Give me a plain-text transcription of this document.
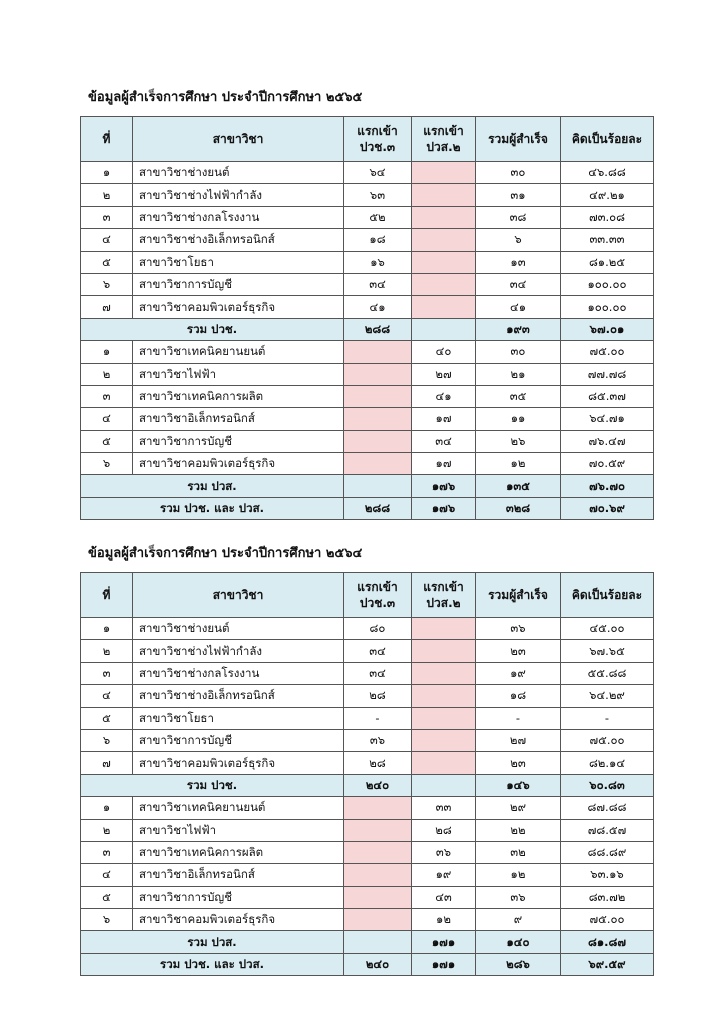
ข้อมูลผู้สำเร็จการศึกษา ประจำปีการศึกษา ๒๕๖๕
ที่	สาขาวิชา	แรกเข้า ปวช.๓	แรกเข้า ปวส.๒	รวมผู้สำเร็จ	คิดเป็นร้อยละ
๑	สาขาวิชาช่างยนต์	๖๔		๓๐	๔๖.๘๘
๒	สาขาวิชาช่างไฟฟ้ากำลัง	๖๓		๓๑	๔๙.๒๑
๓	สาขาวิชาช่างกลโรงงาน	๕๒		๓๘	๗๓.๐๘
๔	สาขาวิชาช่างอิเล็กทรอนิกส์	๑๘		๖	๓๓.๓๓
๕	สาขาวิชาโยธา	๑๖		๑๓	๘๑.๒๕
๖	สาขาวิชาการบัญชี	๓๔		๓๔	๑๐๐.๐๐
๗	สาขาวิชาคอมพิวเตอร์ธุรกิจ	๔๑		๔๑	๑๐๐.๐๐
รวม ปวช.		๒๘๘		๑๙๓	๖๗.๐๑
๑	สาขาวิชาเทคนิคยานยนต์		๔๐	๓๐	๗๕.๐๐
๒	สาขาวิชาไฟฟ้า		๒๗	๒๑	๗๗.๗๘
๓	สาขาวิชาเทคนิคการผลิต		๔๑	๓๕	๘๕.๓๗
๔	สาขาวิชาอิเล็กทรอนิกส์		๑๗	๑๑	๖๔.๗๑
๕	สาขาวิชาการบัญชี		๓๔	๒๖	๗๖.๔๗
๖	สาขาวิชาคอมพิวเตอร์ธุรกิจ		๑๗	๑๒	๗๐.๕๙
รวม ปวส.			๑๗๖	๑๓๕	๗๖.๗๐
รวม ปวช. และ ปวส.		๒๘๘	๑๗๖	๓๒๘	๗๐.๖๙
ข้อมูลผู้สำเร็จการศึกษา ประจำปีการศึกษา ๒๕๖๔
ที่	สาขาวิชา	แรกเข้า ปวช.๓	แรกเข้า ปวส.๒	รวมผู้สำเร็จ	คิดเป็นร้อยละ
๑	สาขาวิชาช่างยนต์	๘๐		๓๖	๔๕.๐๐
๒	สาขาวิชาช่างไฟฟ้ากำลัง	๓๔		๒๓	๖๗.๖๕
๓	สาขาวิชาช่างกลโรงงาน	๓๔		๑๙	๕๕.๘๘
๔	สาขาวิชาช่างอิเล็กทรอนิกส์	๒๘		๑๘	๖๔.๒๙
๕	สาขาวิชาโยธา	-		-	-
๖	สาขาวิชาการบัญชี	๓๖		๒๗	๗๕.๐๐
๗	สาขาวิชาคอมพิวเตอร์ธุรกิจ	๒๘		๒๓	๘๒.๑๔
รวม ปวช.		๒๔๐		๑๔๖	๖๐.๘๓
๑	สาขาวิชาเทคนิคยานยนต์		๓๓	๒๙	๘๗.๘๘
๒	สาขาวิชาไฟฟ้า		๒๘	๒๒	๗๘.๕๗
๓	สาขาวิชาเทคนิคการผลิต		๓๖	๓๒	๘๘.๘๙
๔	สาขาวิชาอิเล็กทรอนิกส์		๑๙	๑๒	๖๓.๑๖
๕	สาขาวิชาการบัญชี		๔๓	๓๖	๘๓.๗๒
๖	สาขาวิชาคอมพิวเตอร์ธุรกิจ		๑๒	๙	๗๕.๐๐
รวม ปวส.			๑๗๑	๑๔๐	๘๑.๘๗
รวม ปวช. และ ปวส.		๒๔๐	๑๗๑	๒๘๖	๖๙.๕๙
